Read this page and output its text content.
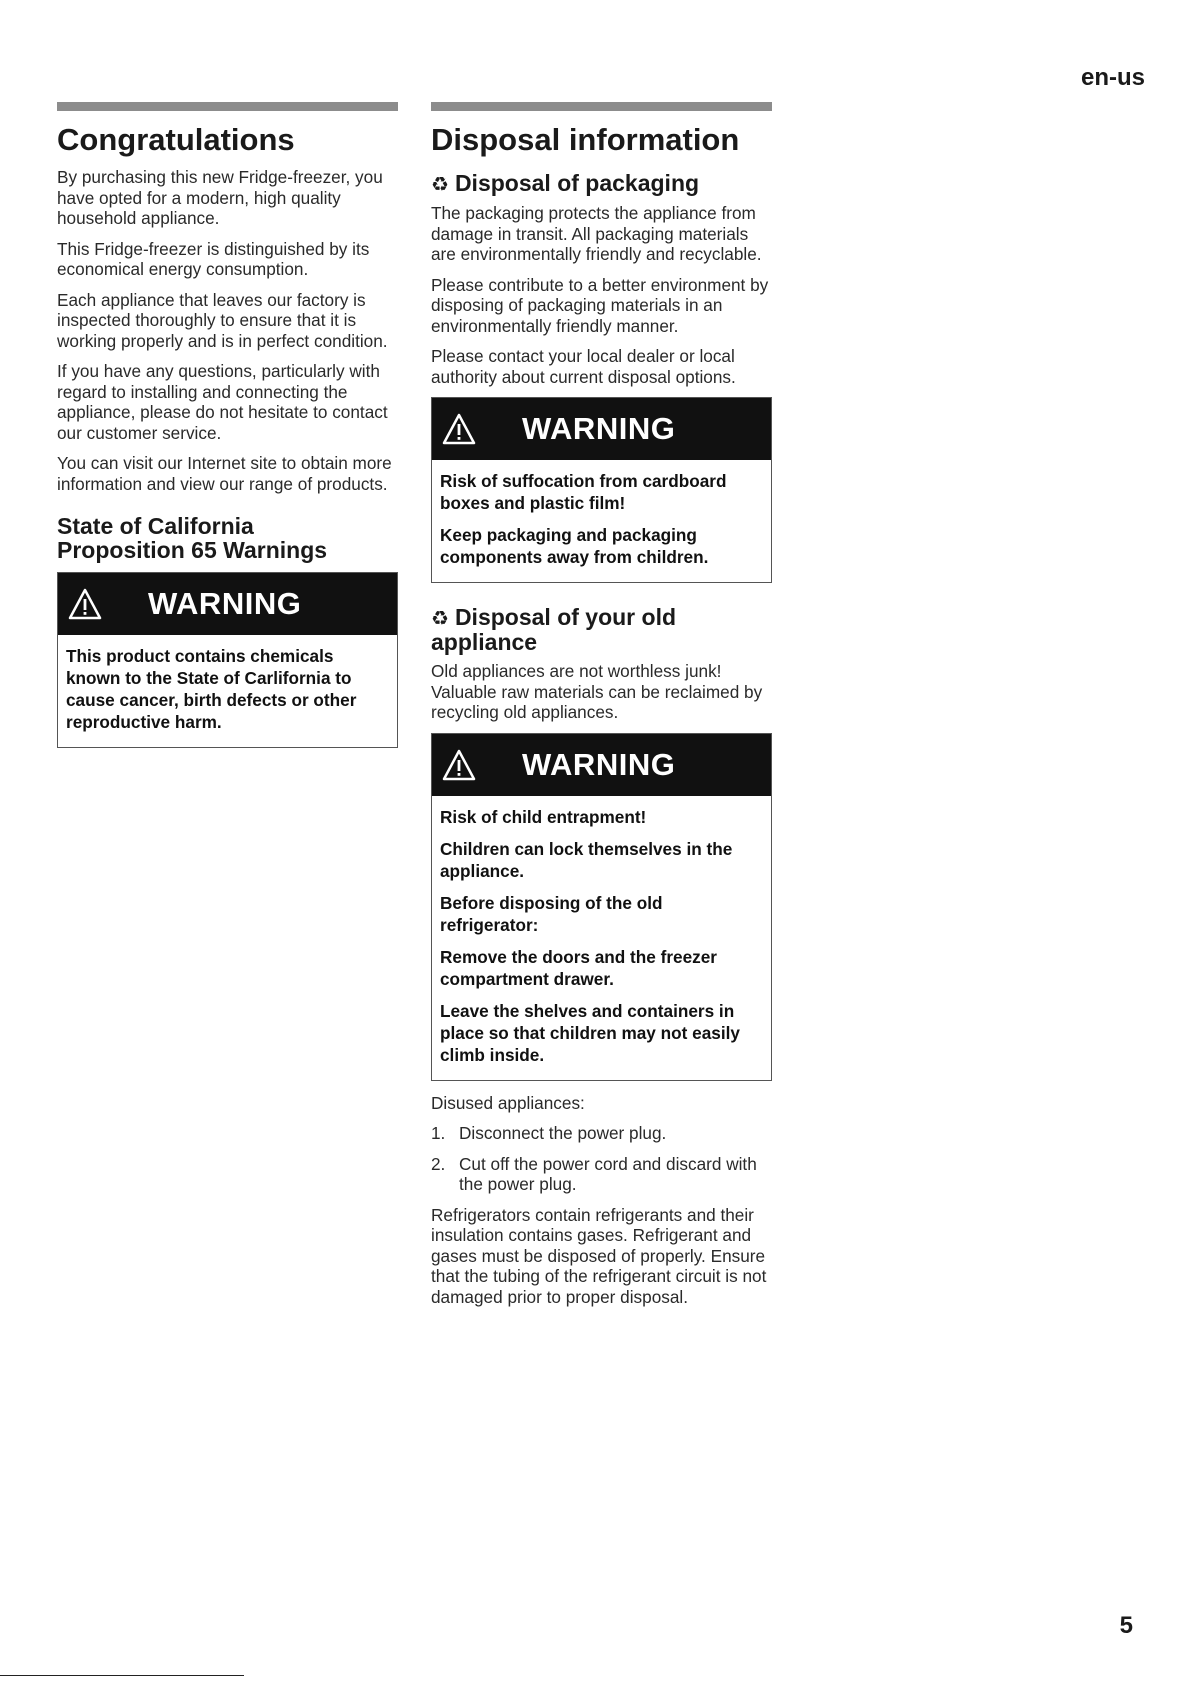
en-us
Congratulations

By purchasing this new Fridge-freezer, you have opted for a modern, high quality household appliance.

This Fridge-freezer is distinguished by its economical energy consumption.

Each appliance that leaves our factory is inspected thoroughly to ensure that it is working properly and is in perfect condition.

If you have any questions, particularly with regard to installing and connecting the appliance, please do not hesitate to contact our customer service.

You can visit our Internet site to obtain more information and view our range of products.

State of California
Proposition 65 Warnings
WARNING

This product contains chemicals known to the State of Carlifornia to cause cancer, birth defects or other reproductive harm.

Disposal information
♻ Disposal of packaging

The packaging protects the appliance from damage in transit. All packaging materials are environmentally friendly and recyclable.

Please contribute to a better environment by disposing of packaging materials in an environmentally friendly manner.

Please contact your local dealer or local authority about current disposal options.

WARNING

Risk of suffocation from cardboard boxes and plastic film!

Keep packaging and packaging components away from children.

♻ Disposal of your old
appliance

Old appliances are not worthless junk! Valuable raw materials can be reclaimed by recycling old appliances.

WARNING

Risk of child entrapment!

Children can lock themselves in the appliance.

Before disposing of the old refrigerator:

Remove the doors and the freezer compartment drawer.

Leave the shelves and containers in place so that children may not easily climb inside.

Disused appliances:

1. Disconnect the power plug.
2. Cut off the power cord and discard with the power plug.

Refrigerators contain refrigerants and their insulation contains gases. Refrigerant and gases must be disposed of properly. Ensure that the tubing of the refrigerant circuit is not damaged prior to proper disposal.

5
